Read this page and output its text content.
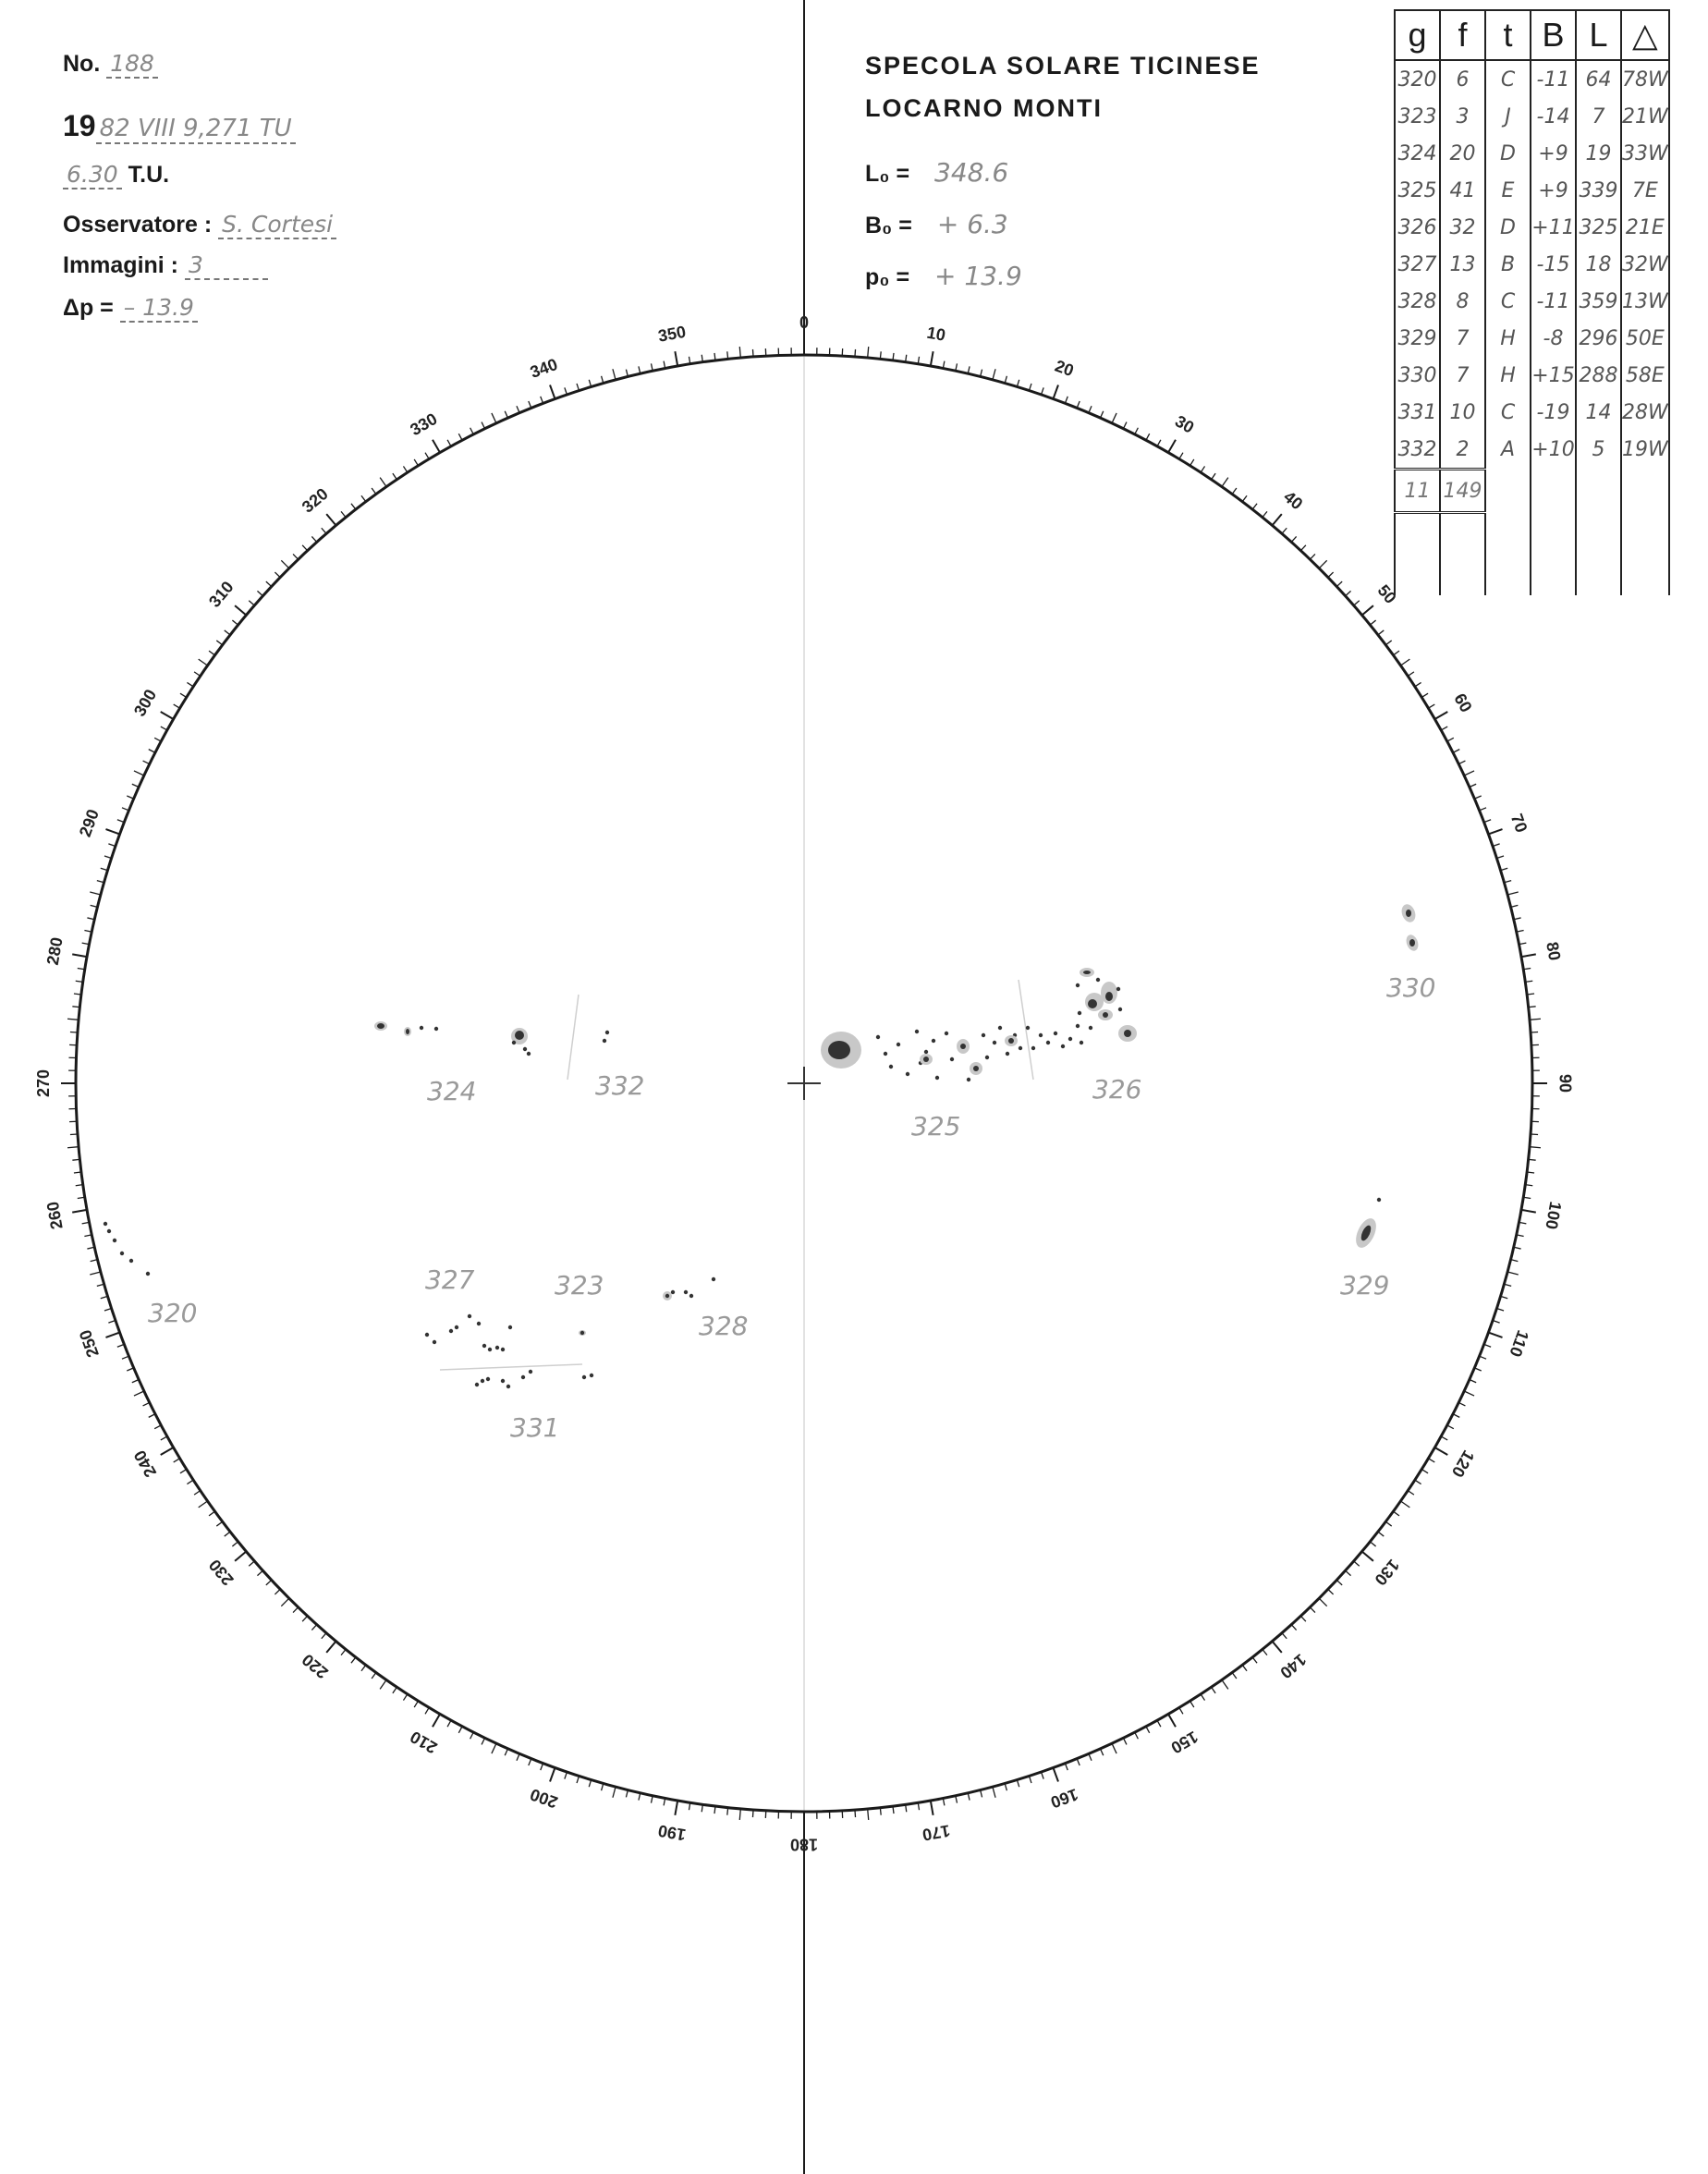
No. 188
19 82 VIII 9,271 TU
6.30 T.U.
Osservatore : S. Cortesi
Immagini : 3
Δp = – 13.9
SPECOLA SOLARE TICINESE
LOCARNO MONTI
L₀ = 348.6
B₀ = + 6.3
p₀ = + 13.9
0
10
20
30
40
50
60
70
80
90
100
110
120
130
140
150
160
170
180
190
200
210
220
230
240
250
260
270
280
290
300
310
320
330
340
350
324	332
325
326
330
329
327	323
328
320
331
g	f	t	B	L	△
320	6	C	-11	64	78W
323	3	J	-14	7	21W
324	20	D	+9	19	33W
325	41	E	+9	339	7E
326	32	D	+11	325	21E
327	13	B	-15	18	32W
328	8	C	-11	359	13W
329	7	H	-8	296	50E
330	7	H	+15	288	58E
331	10	C	-19	14	28W
332	2	A	+10	5	19W
11	149				
